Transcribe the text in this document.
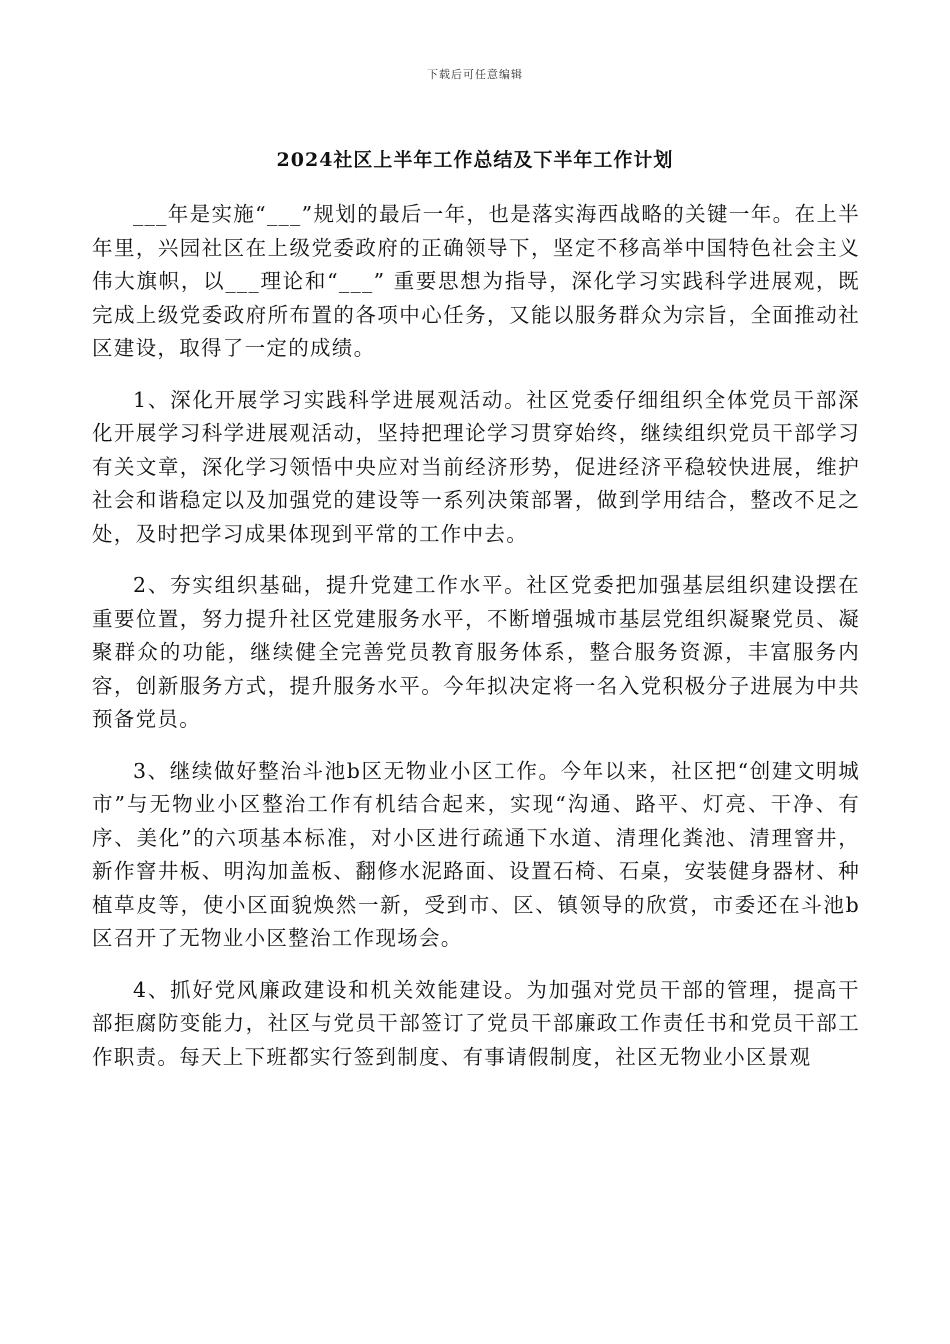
下载后可任意编辑
2024社区上半年工作总结及下半年工作计划

___年是实施“___”规划的最后一年，也是落实海西战略的关键一年。在上半年里，兴园社区在上级党委政府的正确领导下，坚定不移高举中国特色社会主义伟大旗帜，以___理论和“___” 重要思想为指导，深化学习实践科学进展观，既完成上级党委政府所布置的各项中心任务，又能以服务群众为宗旨，全面推动社区建设，取得了一定的成绩。

1、深化开展学习实践科学进展观活动。社区党委仔细组织全体党员干部深化开展学习科学进展观活动，坚持把理论学习贯穿始终，继续组织党员干部学习有关文章，深化学习领悟中央应对当前经济形势，促进经济平稳较快进展，维护社会和谐稳定以及加强党的建设等一系列决策部署，做到学用结合，整改不足之处，及时把学习成果体现到平常的工作中去。

2、夯实组织基础，提升党建工作水平。社区党委把加强基层组织建设摆在重要位置，努力提升社区党建服务水平，不断增强城市基层党组织凝聚党员、凝聚群众的功能，继续健全完善党员教育服务体系，整合服务资源，丰富服务内容，创新服务方式，提升服务水平。今年拟决定将一名入党积极分子进展为中共预备党员。

3、继续做好整治斗池b区无物业小区工作。今年以来，社区把“创建文明城市”与无物业小区整治工作有机结合起来，实现“沟通、路平、灯亮、干净、有序、美化”的六项基本标准，对小区进行疏通下水道、清理化粪池、清理窨井，新作窨井板、明沟加盖板、翻修水泥路面、设置石椅、石桌，安装健身器材、种植草皮等，使小区面貌焕然一新，受到市、区、镇领导的欣赏，市委还在斗池b区召开了无物业小区整治工作现场会。

4、抓好党风廉政建设和机关效能建设。为加强对党员干部的管理，提高干部拒腐防变能力，社区与党员干部签订了党员干部廉政工作责任书和党员干部工作职责。每天上下班都实行签到制度、有事请假制度，社区无物业小区景观
